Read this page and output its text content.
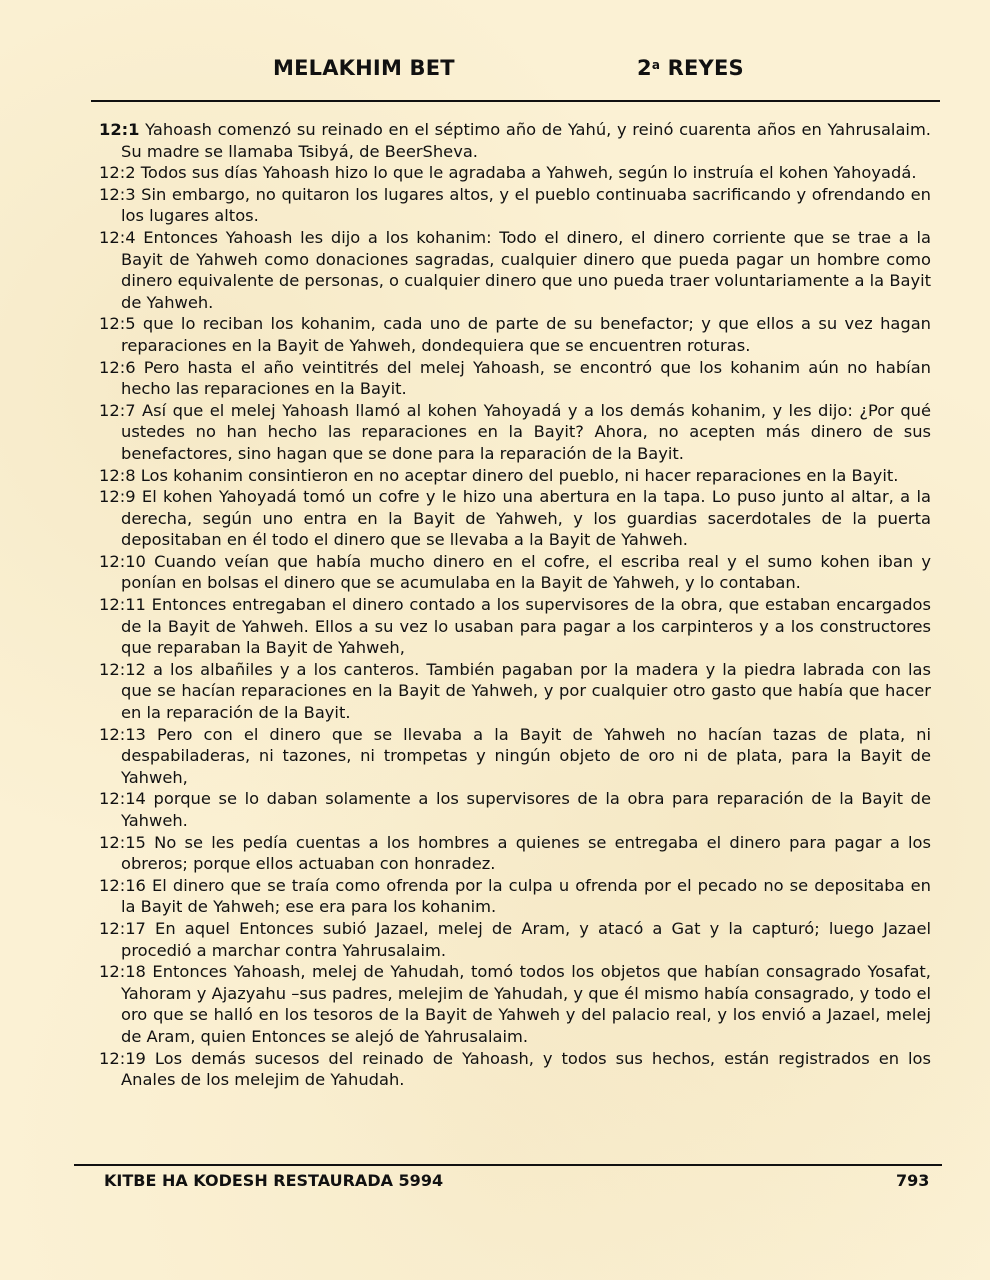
MELAKHIM BET	2$^a$ REYES

12:1 Yahoash comenzó su reinado en el séptimo año de Yahú, y reinó cuarenta años en Yahrusalaim. Su madre se llamaba Tsibyá, de BeerSheva.

12:2 Todos sus días Yahoash hizo lo que le agradaba a Yahweh, según lo instruía el kohen Yahoyadá.

12:3 Sin embargo, no quitaron los lugares altos, y el pueblo continuaba sacrificando y ofrendando en los lugares altos.

12:4 Entonces Yahoash les dijo a los kohanim: Todo el dinero, el dinero corriente que se trae a la Bayit de Yahweh como donaciones sagradas, cualquier dinero que pueda pagar un hombre como dinero equivalente de personas, o cualquier dinero que uno pueda traer voluntariamente a la Bayit de Yahweh.

12:5 que lo reciban los kohanim, cada uno de parte de su benefactor; y que ellos a su vez hagan reparaciones en la Bayit de Yahweh, dondequiera que se encuentren roturas.

12:6 Pero hasta el año veintitrés del melej Yahoash, se encontró que los kohanim aún no habían hecho las reparaciones en la Bayit.

12:7 Así que el melej Yahoash llamó al kohen Yahoyadá y a los demás kohanim, y les dijo: ¿Por qué ustedes no han hecho las reparaciones en la Bayit? Ahora, no acepten más dinero de sus benefactores, sino hagan que se done para la reparación de la Bayit.

12:8 Los kohanim consintieron en no aceptar dinero del pueblo, ni hacer reparaciones en la Bayit.

12:9 El kohen Yahoyadá tomó un cofre y le hizo una abertura en la tapa. Lo puso junto al altar, a la derecha, según uno entra en la Bayit de Yahweh, y los guardias sacerdotales de la puerta depositaban en él todo el dinero que se llevaba a la Bayit de Yahweh.

12:10 Cuando veían que había mucho dinero en el cofre, el escriba real y el sumo kohen iban y ponían en bolsas el dinero que se acumulaba en la Bayit de Yahweh, y lo contaban.

12:11 Entonces entregaban el dinero contado a los supervisores de la obra, que estaban encargados de la Bayit de Yahweh. Ellos a su vez lo usaban para pagar a los carpinteros y a los constructores que reparaban la Bayit de Yahweh,

12:12 a los albañiles y a los canteros. También pagaban por la madera y la piedra labrada con las que se hacían reparaciones en la Bayit de Yahweh, y por cualquier otro gasto que había que hacer en la reparación de la Bayit.

12:13 Pero con el dinero que se llevaba a la Bayit de Yahweh no hacían tazas de plata, ni despabiladeras, ni tazones, ni trompetas y ningún objeto de oro ni de plata, para la Bayit de Yahweh,

12:14 porque se lo daban solamente a los supervisores de la obra para reparación de la Bayit de Yahweh.

12:15 No se les pedía cuentas a los hombres a quienes se entregaba el dinero para pagar a los obreros; porque ellos actuaban con honradez.

12:16 El dinero que se traía como ofrenda por la culpa u ofrenda por el pecado no se depositaba en la Bayit de Yahweh; ese era para los kohanim.

12:17 En aquel Entonces subió Jazael, melej de Aram, y atacó a Gat y la capturó; luego Jazael procedió a marchar contra Yahrusalaim.

12:18 Entonces Yahoash, melej de Yahudah, tomó todos los objetos que habían consagrado Yosafat, Yahoram y Ajazyahu –sus padres, melejim de Yahudah, y que él mismo había consagrado, y todo el oro que se halló en los tesoros de la Bayit de Yahweh y del palacio real, y los envió a Jazael, melej de Aram, quien Entonces se alejó de Yahrusalaim.

12:19 Los demás sucesos del reinado de Yahoash, y todos sus hechos, están registrados en los Anales de los melejim de Yahudah.

KITBE HA KODESH RESTAURADA 5994	793
